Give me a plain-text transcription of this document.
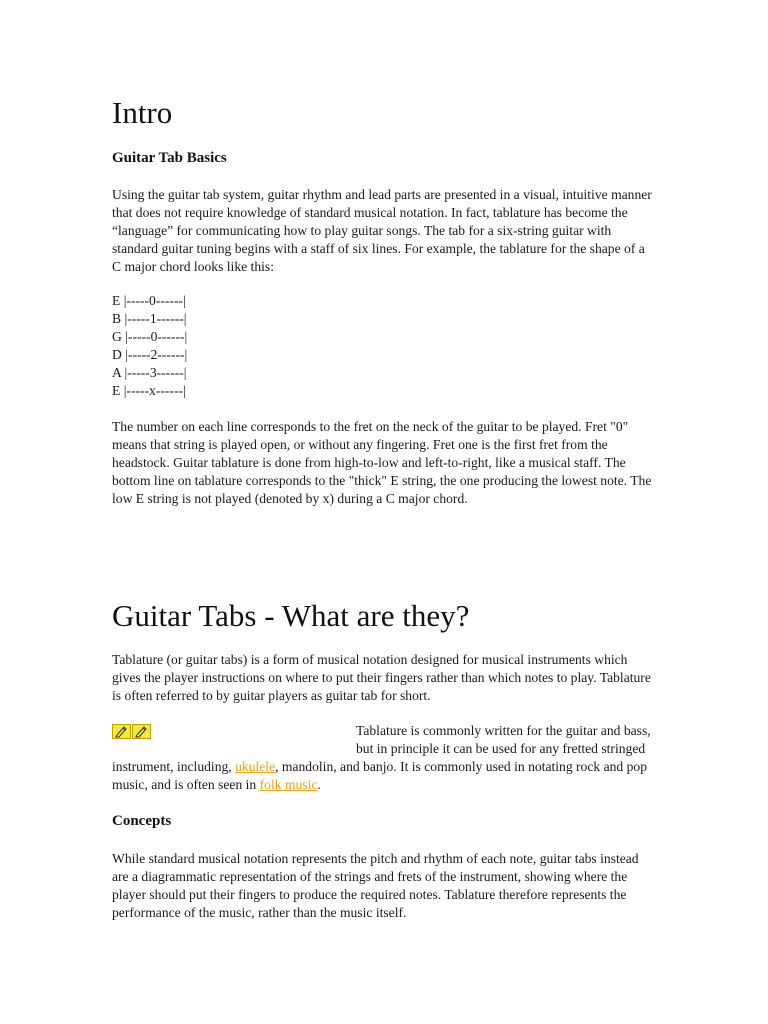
Intro
Guitar Tab Basics

Using the guitar tab system, guitar rhythm and lead parts are presented in a visual, intuitive manner that does not require knowledge of standard musical notation. In fact, tablature has become the “language” for communicating how to play guitar songs. The tab for a six-string guitar with standard guitar tuning begins with a staff of six lines. For example, the tablature for the shape of a C major chord looks like this:

E |-----0------|
B |-----1------|
G |-----0------|
D |-----2------|
A |-----3------|
E |-----x------|

The number on each line corresponds to the fret on the neck of the guitar to be played. Fret "0" means that string is played open, or without any fingering. Fret one is the first fret from the headstock. Guitar tablature is done from high-to-low and left-to-right, like a musical staff. The bottom line on tablature corresponds to the "thick" E string, the one producing the lowest note. The low E string is not played (denoted by x) during a C major chord.

Guitar Tabs - What are they?

Tablature (or guitar tabs) is a form of musical notation designed for musical instruments which gives the player instructions on where to put their fingers rather than which notes to play. Tablature is often referred to by guitar players as guitar tab for short.

Tablature is commonly written for the guitar and bass, but in principle it can be used for any fretted stringed instrument, including, ukulele, mandolin, and banjo. It is commonly used in notating rock and pop music, and is often seen in folk music.

Concepts

While standard musical notation represents the pitch and rhythm of each note, guitar tabs instead are a diagrammatic representation of the strings and frets of the instrument, showing where the player should put their fingers to produce the required notes. Tablature therefore represents the performance of the music, rather than the music itself.
